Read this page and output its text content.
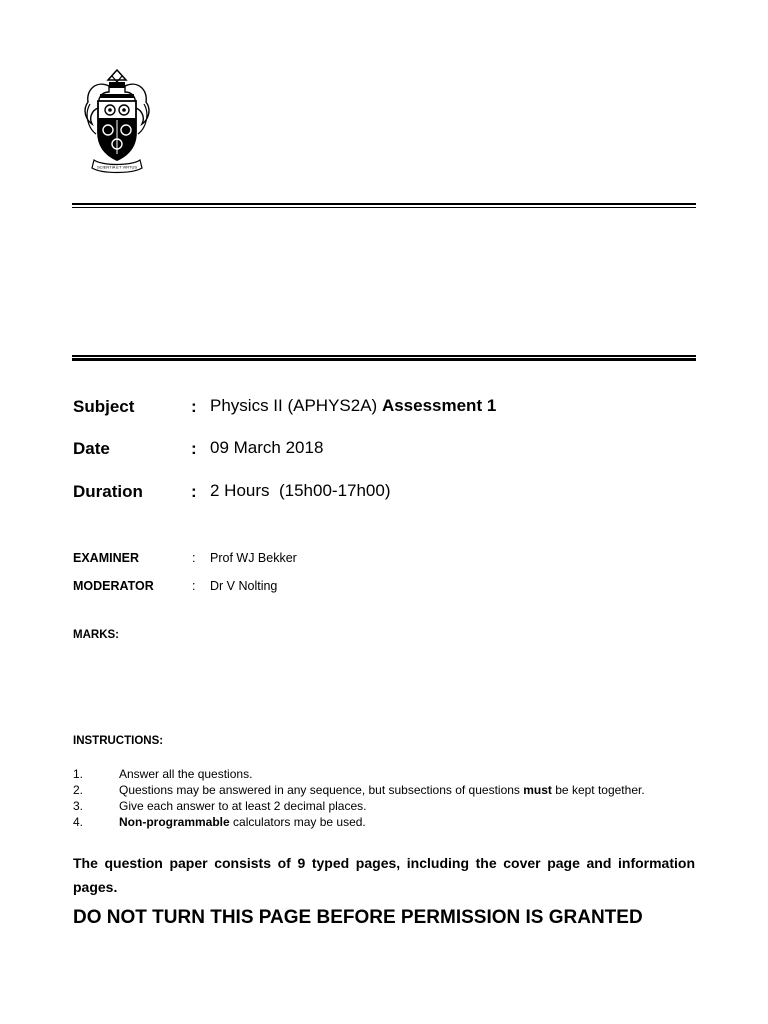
SCIENTIA ET VIRTUS
Subject	: Physics II (APHYS2A) Assessment 1
Date	: 09 March 2018
Duration	: 2 Hours  (15h00-17h00)
EXAMINER	: Prof WJ Bekker
MODERATOR	: Dr V Nolting
MARKS:
INSTRUCTIONS:
1.	Answer all the questions.
2.	Questions may be answered in any sequence, but subsections of questions must be kept together.
3.	Give each answer to at least 2 decimal places.
4.	Non-programmable calculators may be used.
The question paper consists of 9 typed pages, including the cover page and information pages.
DO NOT TURN THIS PAGE BEFORE PERMISSION IS GRANTED
